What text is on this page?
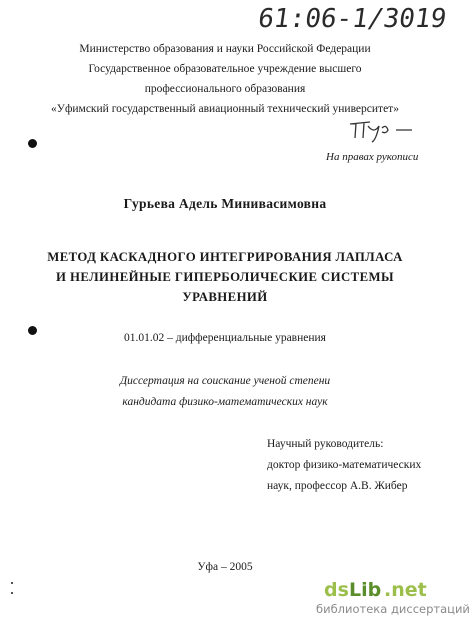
61:06-1/3019
Министерство образования и науки Российской Федерации
Государственное образовательное учреждение высшего
профессионального образования
«Уфимский государственный авиационный технический университет»
На правах рукописи
Гурьева Адель Минивасимовна
МЕТОД КАСКАДНОГО ИНТЕГРИРОВАНИЯ ЛАПЛАСА
И НЕЛИНЕЙНЫЕ ГИПЕРБОЛИЧЕСКИЕ СИСТЕМЫ
УРАВНЕНИЙ
01.01.02 – дифференциальные уравнения
Диссертация на соискание ученой степени
кандидата физико-математических наук
Научный руководитель:
доктор физико-математических
наук, профессор А.В. Жибер
Уфа – 2005
ds Lib .net
библиотека диссертаций
